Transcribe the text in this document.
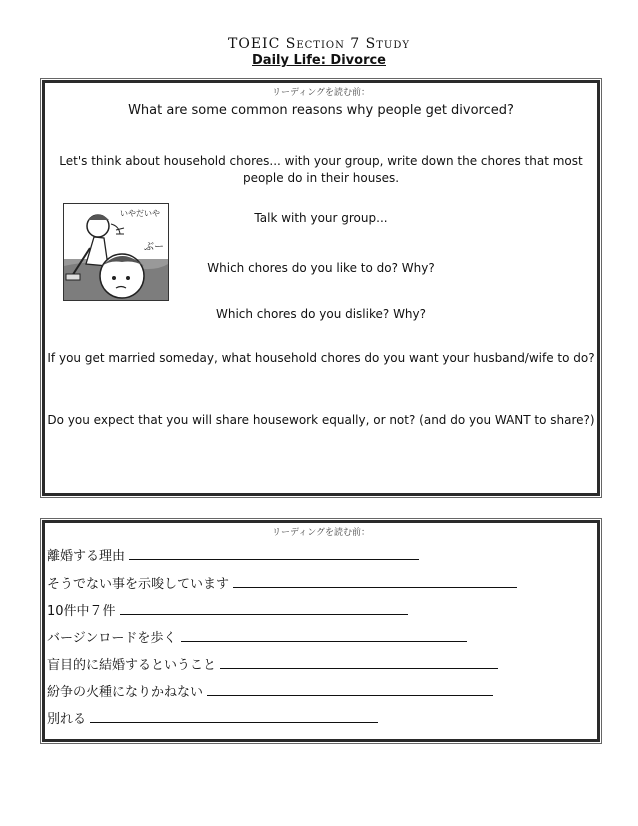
TOEIC Section 7 Study
Daily Life: Divorce
リーディングを読む前：
What are some common reasons why people get divorced?
Let's think about household chores... with your group, write down the chores that most people do in their houses.
いやだいや
ぶー
Talk with your group...
Which chores do you like to do? Why?
Which chores do you dislike? Why?
If you get married someday, what household chores do you want your husband/wife to do?
Do you expect that you will share housework equally, or not? (and do you WANT to share?)
リーディングを読む前：
離婚する理由
そうでない事を示唆しています
10件中７件
バージンロードを歩く
盲目的に結婚するということ
紛争の火種になりかねない
別れる
